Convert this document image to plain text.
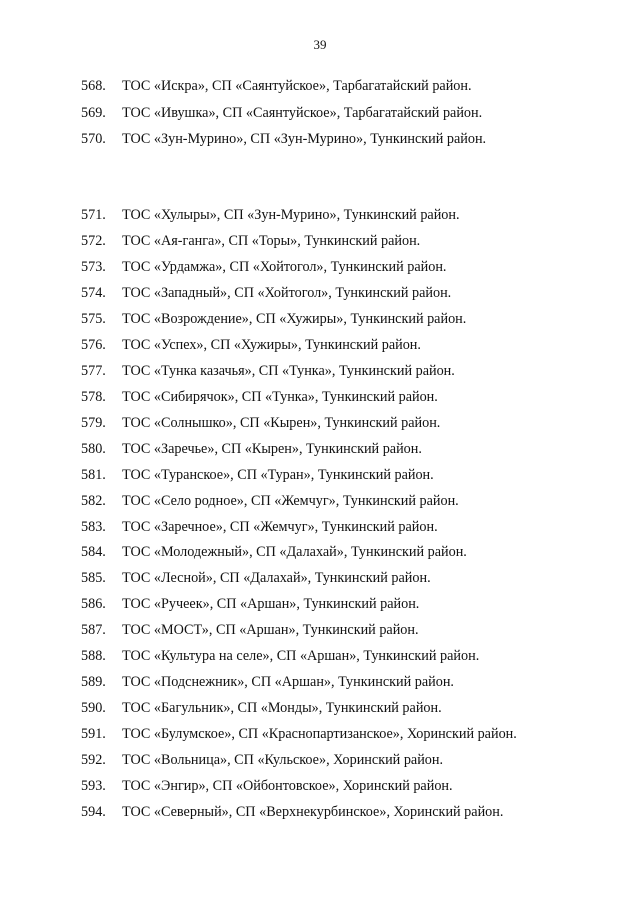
39
568. ТОС «Искра», СП «Саянтуйское», Тарбагатайский район.
569. ТОС «Ивушка», СП «Саянтуйское», Тарбагатайский район.
570. ТОС «Зун-Мурино», СП «Зун-Мурино», Тункинский район.
571. ТОС «Хулыры», СП «Зун-Мурино», Тункинский район.
572. ТОС «Ая-ганга», СП «Торы», Тункинский район.
573. ТОС «Урдамжа», СП «Хойтогол», Тункинский район.
574. ТОС «Западный», СП «Хойтогол», Тункинский район.
575. ТОС «Возрождение», СП «Хужиры», Тункинский район.
576. ТОС «Успех», СП «Хужиры», Тункинский район.
577. ТОС «Тунка казачья», СП «Тунка», Тункинский район.
578. ТОС «Сибирячок», СП «Тунка», Тункинский район.
579. ТОС «Солнышко», СП «Кырен», Тункинский район.
580. ТОС «Заречье», СП «Кырен», Тункинский район.
581. ТОС «Туранское», СП «Туран», Тункинский район.
582. ТОС «Село родное», СП «Жемчуг», Тункинский район.
583. ТОС «Заречное», СП «Жемчуг», Тункинский район.
584. ТОС «Молодежный», СП «Далахай», Тункинский район.
585. ТОС «Лесной», СП «Далахай», Тункинский район.
586. ТОС «Ручеек», СП «Аршан», Тункинский район.
587. ТОС «МОСТ», СП «Аршан», Тункинский район.
588. ТОС «Культура на селе», СП «Аршан», Тункинский район.
589. ТОС «Подснежник», СП «Аршан», Тункинский район.
590. ТОС «Багульник», СП «Монды», Тункинский район.
591. ТОС «Булумское», СП «Краснопартизанское», Хоринский район.
592. ТОС «Вольница», СП «Кульское», Хоринский район.
593. ТОС «Энгир», СП «Ойбонтовское», Хоринский район.
594. ТОС «Северный», СП «Верхнекурбинское», Хоринский район.
